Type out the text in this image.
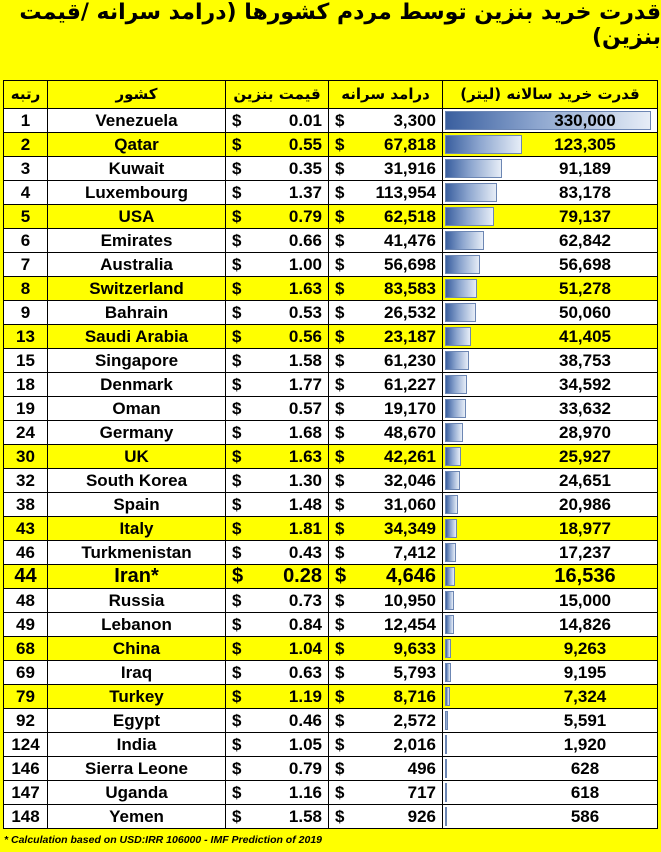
قدرت خرید بنزین توسط مردم کشورها (درامد سرانه /قیمت بنزین)
رتبه	کشور	قیمت بنزین	درامد سرانه	قدرت خرید سالانه (لیتر)
1	Venezuela	$ 0.01	$ 3,300	330,000

2	Qatar	$ 0.55	$ 67,818	123,305

3	Kuwait	$ 0.35	$ 31,916	91,189

4	Luxembourg	$ 1.37	$ 113,954	83,178

5	USA	$ 0.79	$ 62,518	79,137

6	Emirates	$ 0.66	$ 41,476	62,842

7	Australia	$ 1.00	$ 56,698	56,698

8	Switzerland	$ 1.63	$ 83,583	51,278

9	Bahrain	$ 0.53	$ 26,532	50,060

13	Saudi Arabia	$ 0.56	$ 23,187	41,405

15	Singapore	$ 1.58	$ 61,230	38,753

18	Denmark	$ 1.77	$ 61,227	34,592

19	Oman	$ 0.57	$ 19,170	33,632

24	Germany	$ 1.68	$ 48,670	28,970

30	UK	$ 1.63	$ 42,261	25,927

32	South Korea	$ 1.30	$ 32,046	24,651

38	Spain	$ 1.48	$ 31,060	20,986

43	Italy	$ 1.81	$ 34,349	18,977

46	Turkmenistan	$ 0.43	$ 7,412	17,237

44	Iran*	$ 0.28	$ 4,646	16,536

48	Russia	$ 0.73	$ 10,950	15,000

49	Lebanon	$ 0.84	$ 12,454	14,826

68	China	$ 1.04	$ 9,633	9,263

69	Iraq	$ 0.63	$ 5,793	9,195

79	Turkey	$ 1.19	$ 8,716	7,324

92	Egypt	$ 0.46	$ 2,572	5,591

124	India	$ 1.05	$ 2,016	1,920

146	Sierra Leone	$ 0.79	$ 496	628

147	Uganda	$ 1.16	$ 717	618

148	Yemen	$ 1.58	$ 926	586
* Calculation based on USD:IRR 106000 - IMF Prediction of 2019
